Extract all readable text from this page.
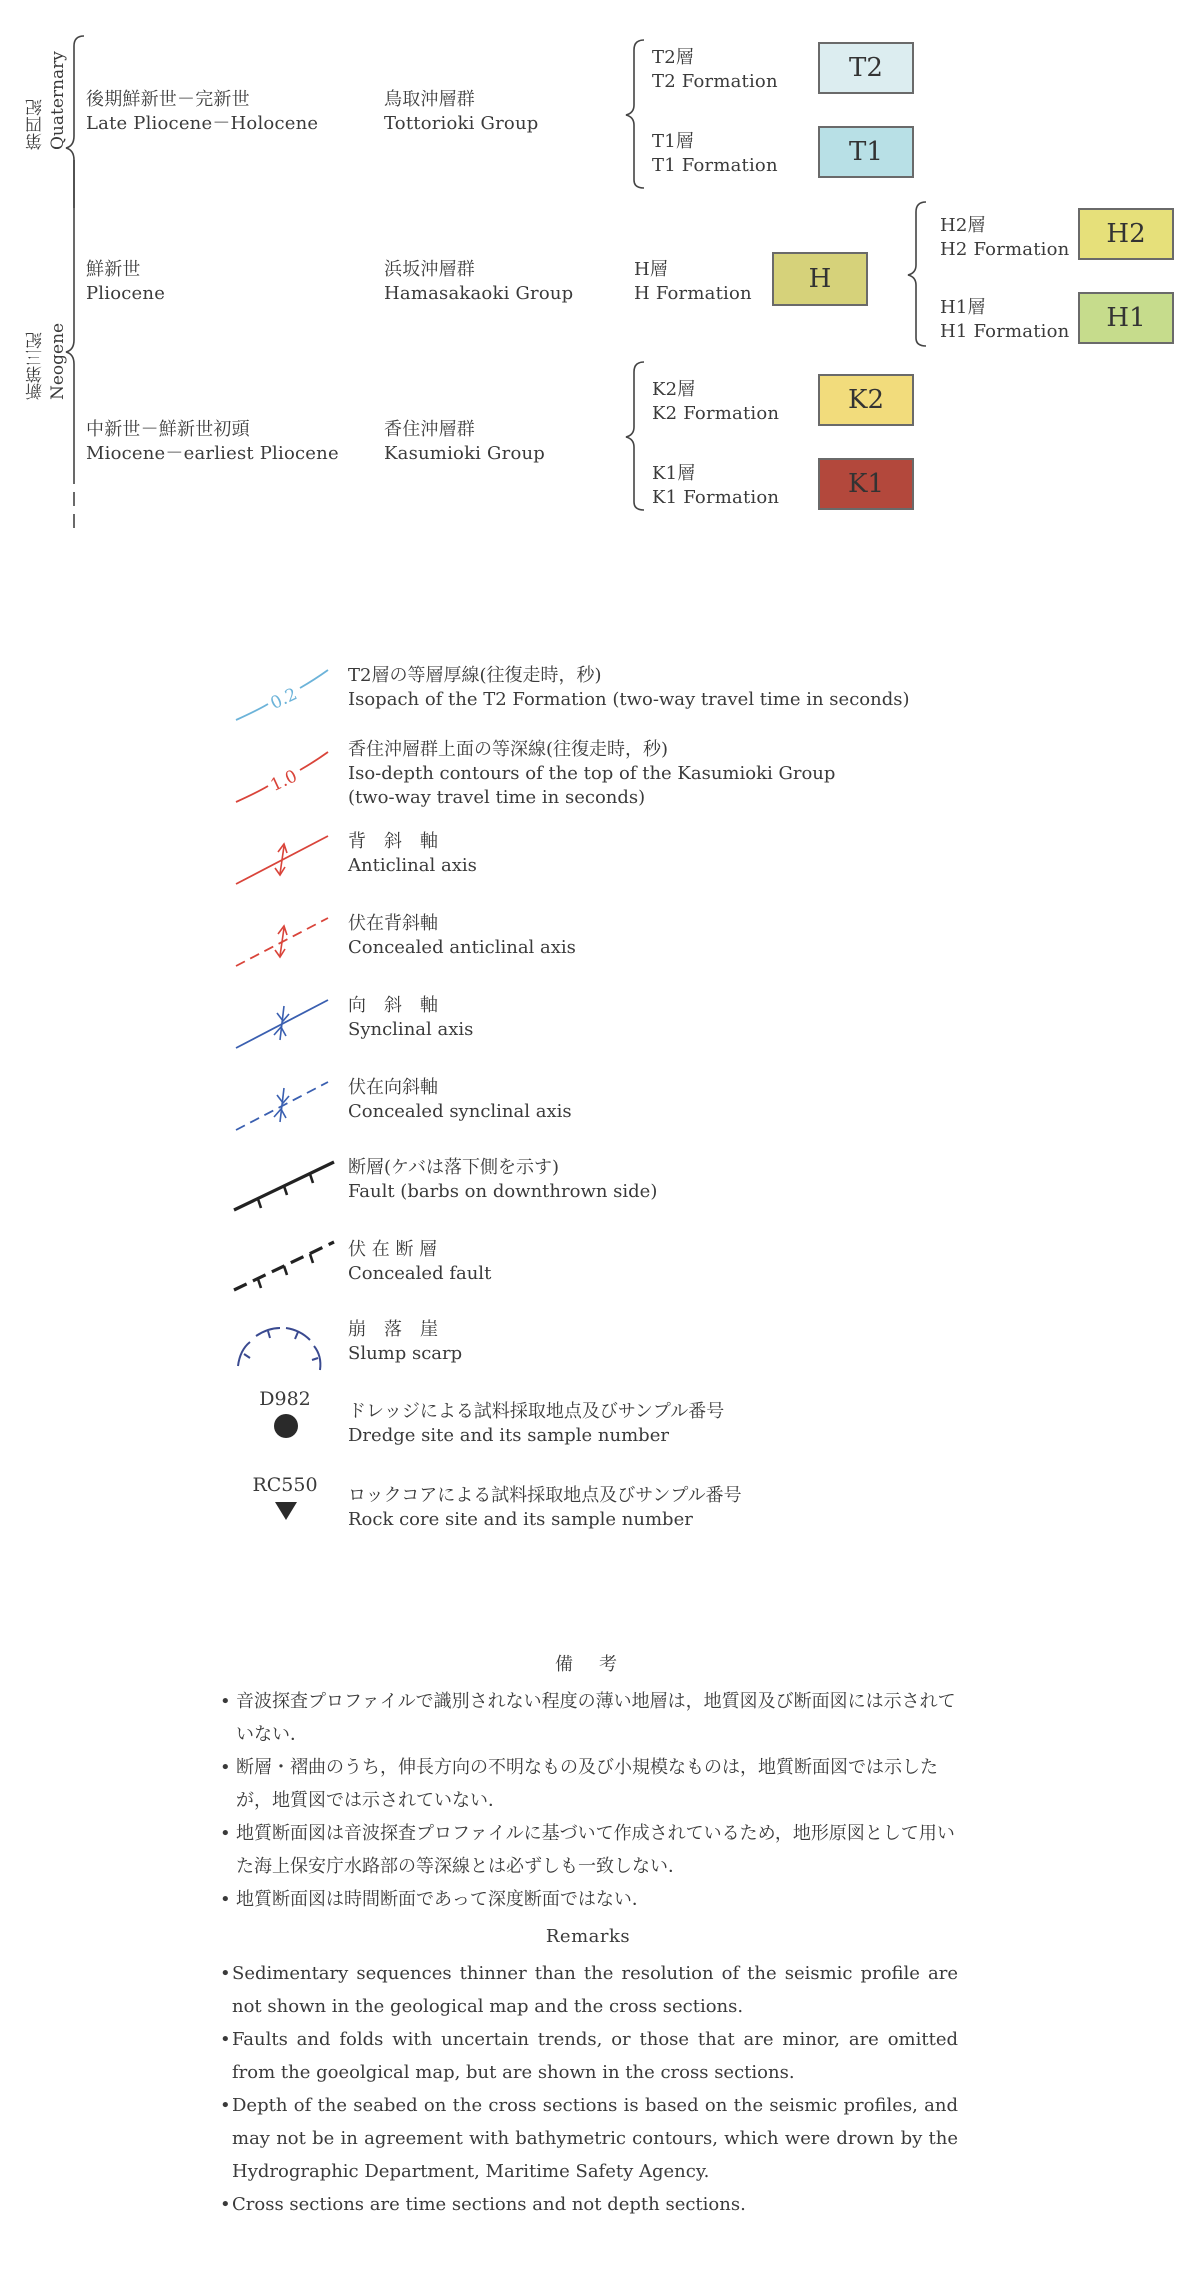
第四紀 Quaternary
新第三紀 Neogene
後期鮮新世－完新世
Late Pliocene－Holocene
鮮新世
Pliocene
中新世－鮮新世初頭
Miocene－earliest Pliocene
鳥取沖層群
Tottorioki Group
浜坂沖層群
Hamasakaoki Group
香住沖層群
Kasumioki Group
T2層
T2 Formation
T1層
T1 Formation
H層
H Formation
H2層
H2 Formation
H1層
H1 Formation
K2層
K2 Formation
K1層
K1 Formation
T2
T1
H
H2
H1
K2
K1
0.2
T2層の等層厚線(往復走時，秒)
Isopach of the T2 Formation (two-way travel time in seconds)
1.0
香住沖層群上面の等深線(往復走時，秒)
Iso-depth contours of the top of the Kasumioki Group
(two-way travel time in seconds)
背　斜　軸
Anticlinal axis
伏在背斜軸
Concealed anticlinal axis
向　斜　軸
Synclinal axis
伏在向斜軸
Concealed synclinal axis
断層(ケバは落下側を示す)
Fault (barbs on downthrown side)
伏 在 断 層
Concealed fault
崩　落　崖
Slump scarp
D982
ドレッジによる試料採取地点及びサンプル番号
Dredge site and its sample number
RC550	ロックコアによる試料採取地点及びサンプル番号
Rock core site and its sample number
備　考
• 音波探査プロファイルで識別されない程度の薄い地層は，地質図及び断面図には示されていない．
• 断層・褶曲のうち，伸長方向の不明なもの及び小規模なものは，地質断面図では示したが，地質図では示されていない．
• 地質断面図は音波探査プロファイルに基づいて作成されているため，地形原図として用いた海上保安庁水路部の等深線とは必ずしも一致しない．
• 地質断面図は時間断面であって深度断面ではない．
Remarks
• Sedimentary sequences thinner than the resolution of the seismic profile are not shown in the geological map and the cross sections.
• Faults and folds with uncertain trends, or those that are minor, are omitted from the goeolgical map, but are shown in the cross sections.
• Depth of the seabed on the cross sections is based on the seismic profiles, and may not be in agreement with bathymetric contours, which were drown by the Hydrographic Department, Maritime Safety Agency.
• Cross sections are time sections and not depth sections.
